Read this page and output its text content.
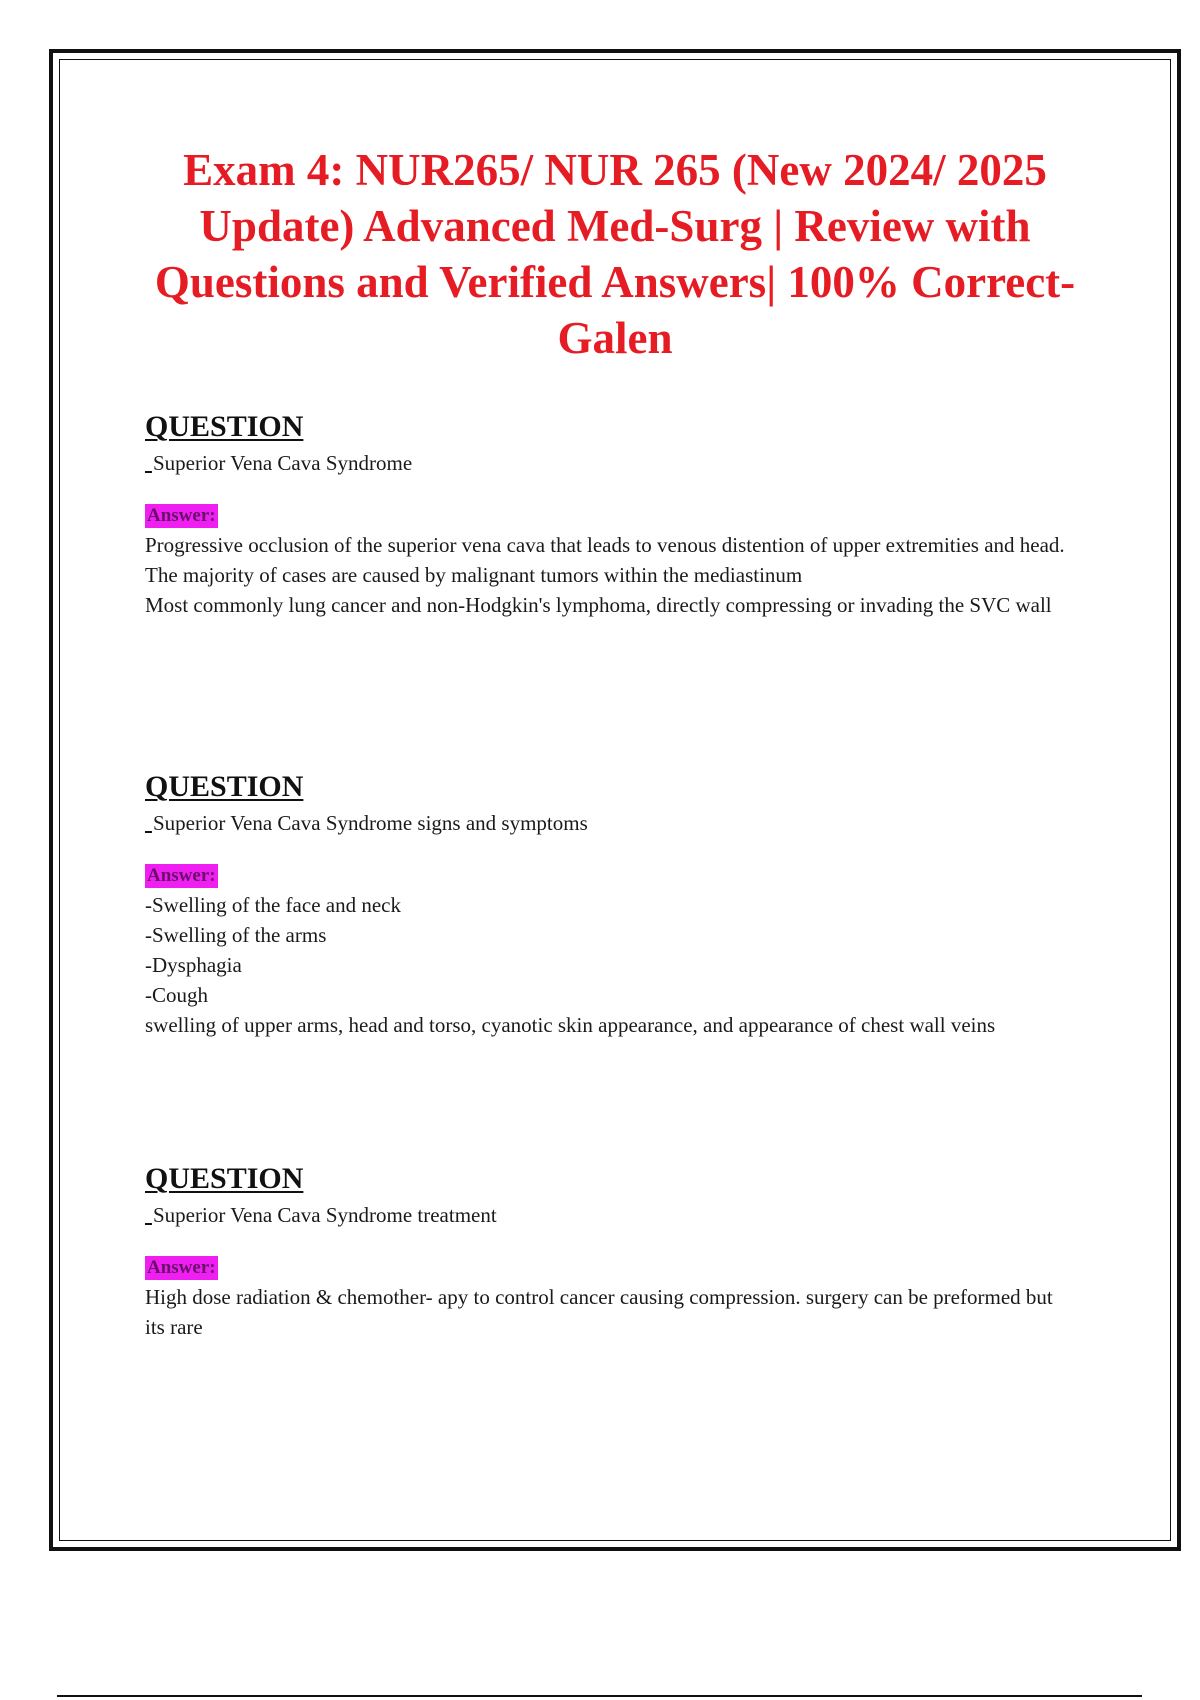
Exam 4: NUR265/ NUR 265 (New 2024/ 2025 Update) Advanced Med-Surg | Review with Questions and Verified Answers| 100% Correct- Galen
QUESTION
Superior Vena Cava Syndrome
Answer:
Progressive occlusion of the superior vena cava that leads to venous distention of upper extremities and head. The majority of cases are caused by malignant tumors within the mediastinum
Most commonly lung cancer and non-Hodgkin's lymphoma, directly compressing or invading the SVC wall
QUESTION
Superior Vena Cava Syndrome signs and symptoms
Answer:
-Swelling of the face and neck
-Swelling of the arms
-Dysphagia
-Cough
swelling of upper arms, head and torso, cyanotic skin appearance, and appearance of chest wall veins
QUESTION
Superior Vena Cava Syndrome treatment
Answer:
High dose radiation & chemother- apy to control cancer causing compression. surgery can be preformed but its rare
